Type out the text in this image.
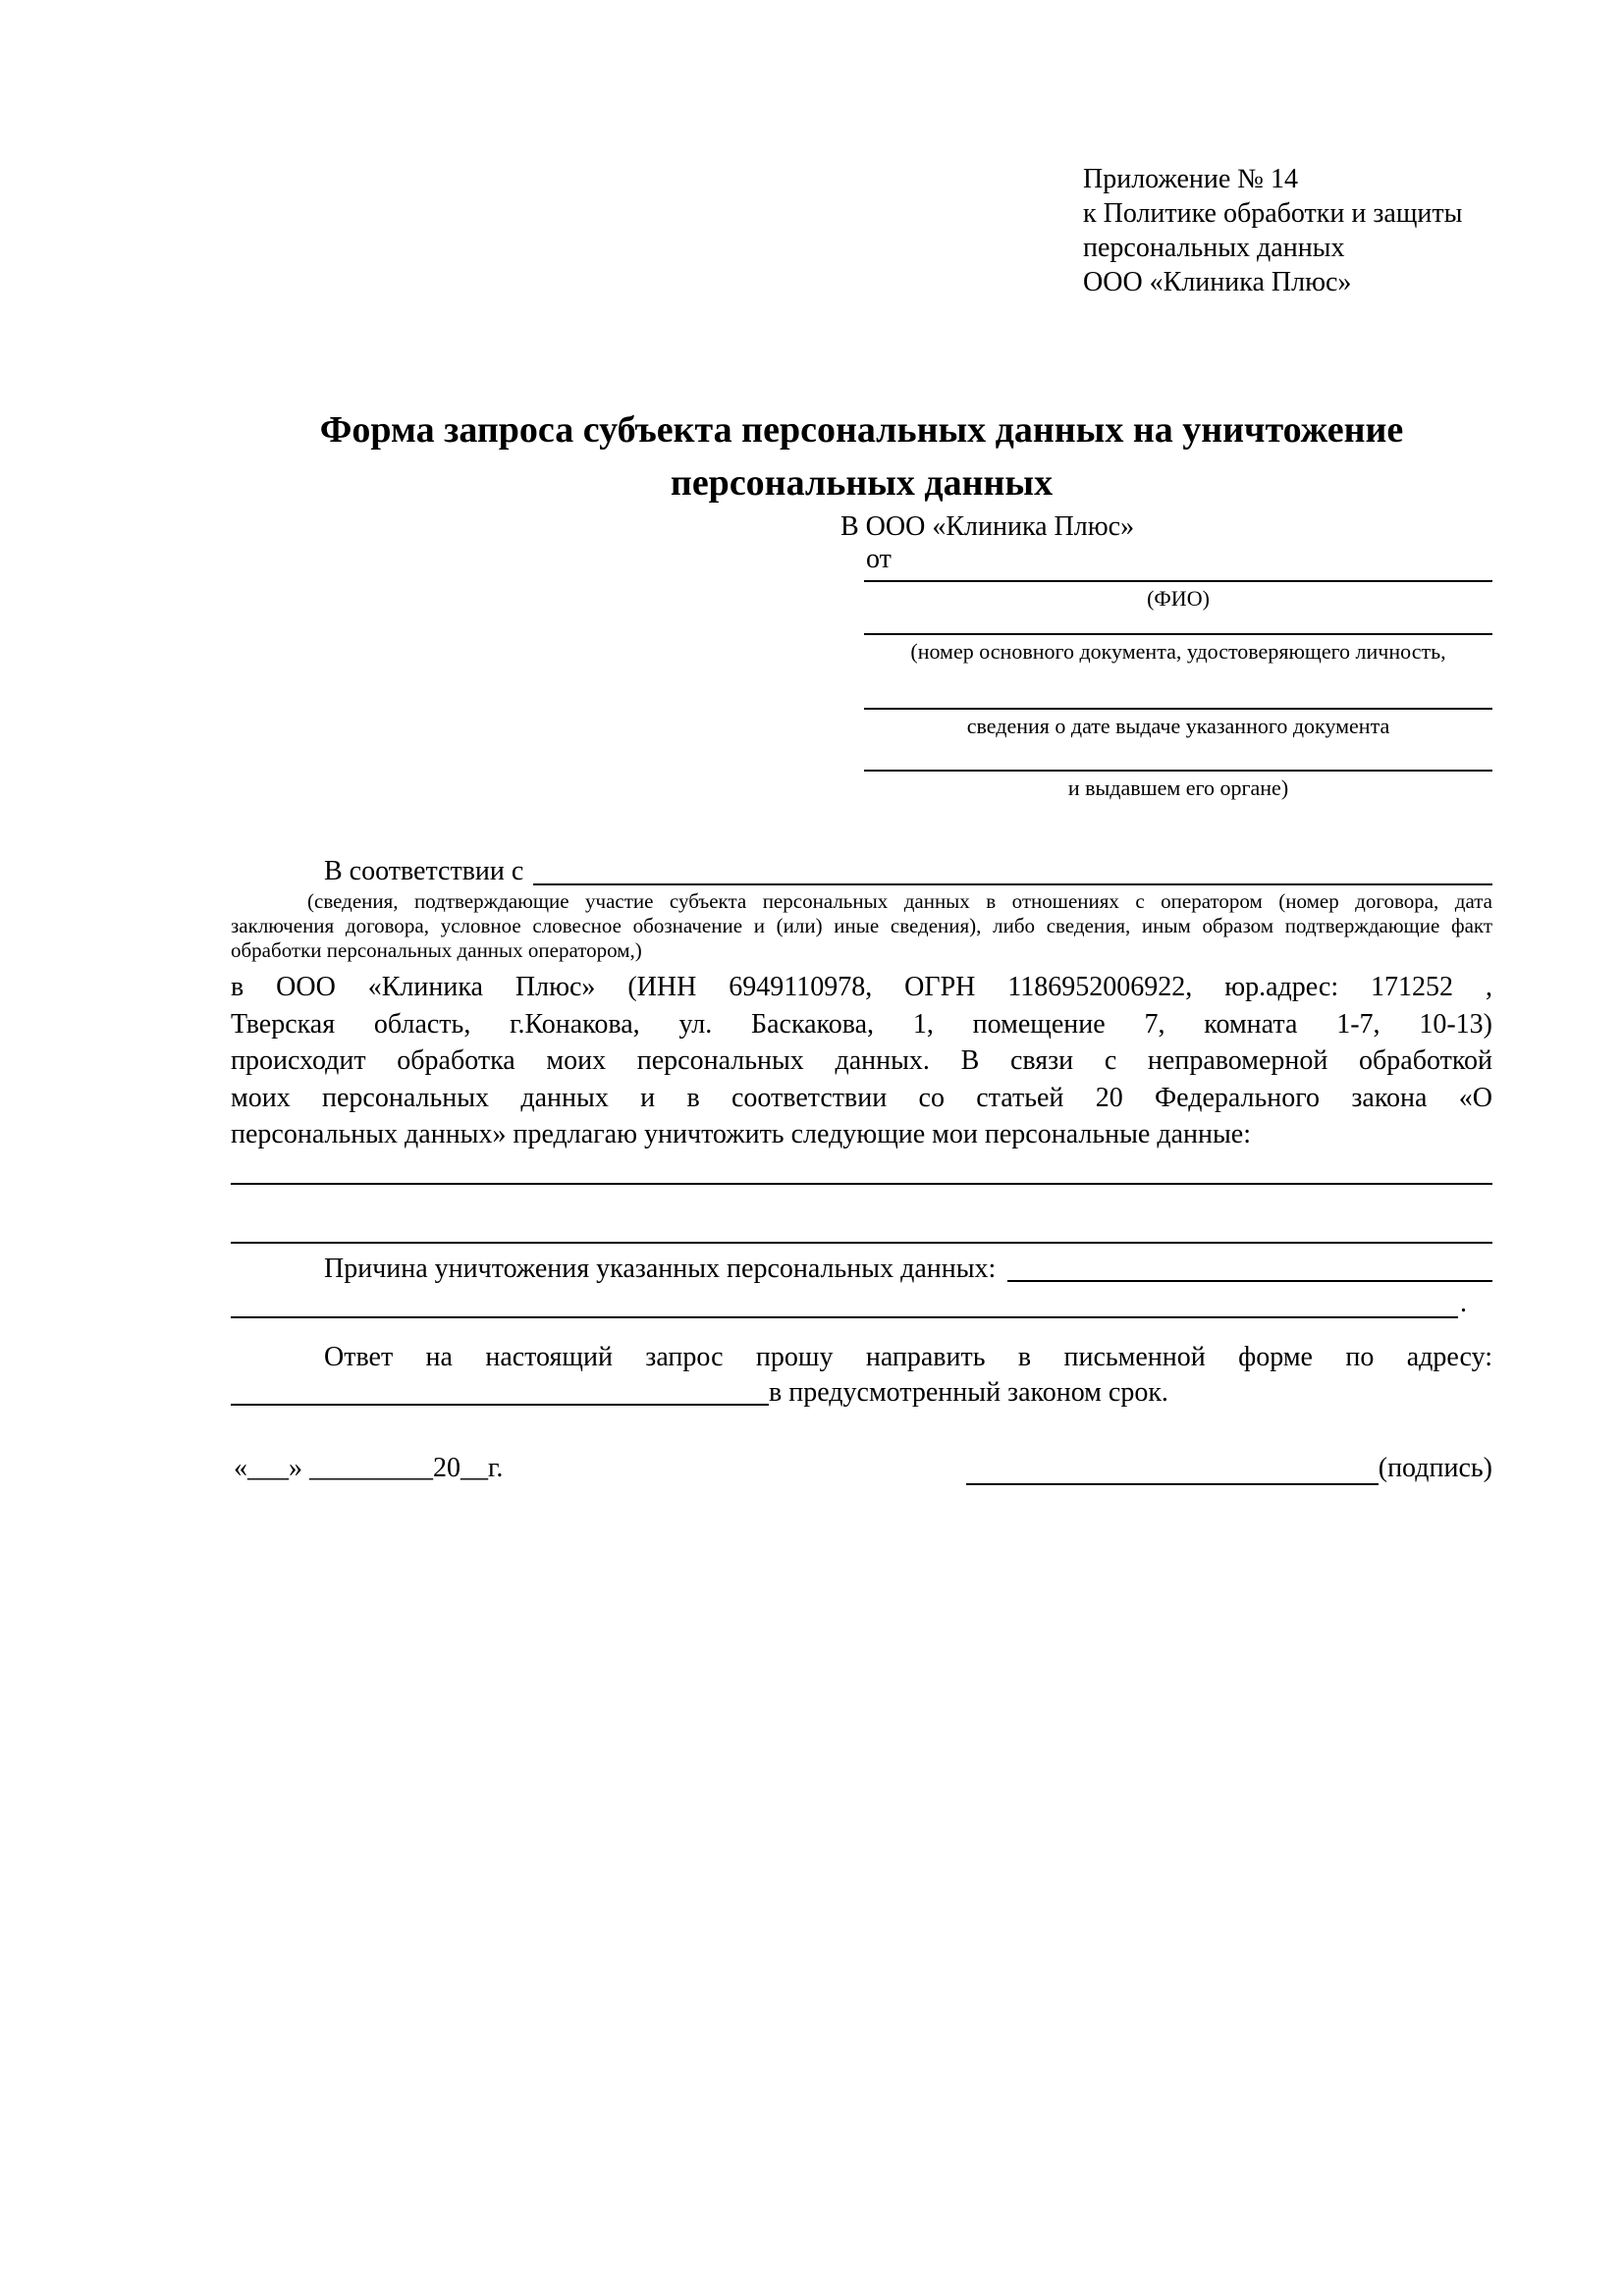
Приложение № 14
к Политике обработки и защиты
персональных данных
ООО «Клиника Плюс»
Форма запроса субъекта персональных данных на уничтожение персональных данных
В ООО «Клиника Плюс»
от
(ФИО)
(номер основного документа, удостоверяющего личность,
сведения о дате выдаче указанного документа
и выдавшем его органе)
В соответствии с
(сведения, подтверждающие участие субъекта персональных данных в отношениях с оператором (номер договора, дата
заключения договора, условное словесное обозначение и (или) иные сведения), либо сведения, иным образом подтверждающие факт
обработки персональных данных оператором,)
в ООО «Клиника Плюс» (ИНН 6949110978, ОГРН 1186952006922, юр.адрес: 171252 ,
Тверская область, г.Конакова, ул. Баскакова, 1, помещение 7, комната 1-7, 10-13)
происходит обработка моих персональных данных. В связи с неправомерной обработкой
моих персональных данных и в соответствии со статьей 20 Федерального закона «О
персональных данных» предлагаю уничтожить следующие мои персональные данные:
Причина уничтожения указанных персональных данных:
.
Ответ на настоящий запрос прошу направить в письменной форме по адресу:
в предусмотренный законом срок.
«___» _________20__г.	(подпись)
